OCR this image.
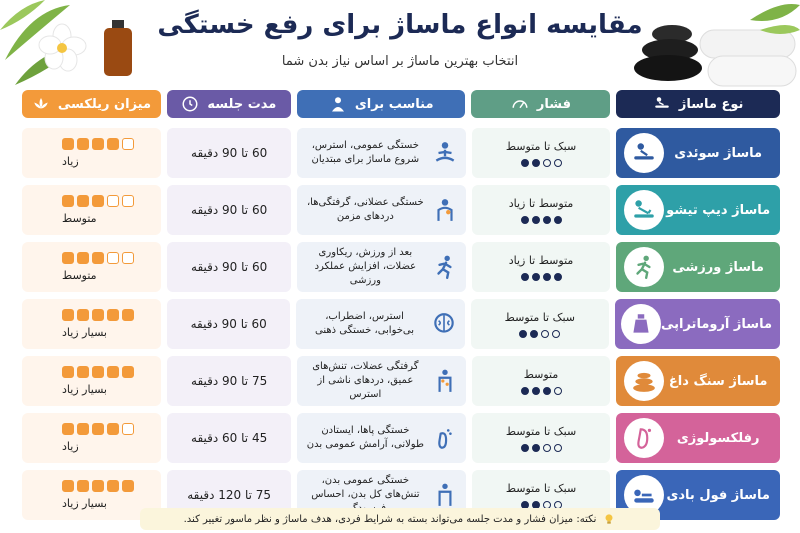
مقایسه انواع ماساژ برای رفع خستگی
انتخاب بهترین ماساژ بر اساس نیاز بدن شما
نوع ماساژ
فشار
مناسب برای
مدت جلسه
میزان ریلکسی
ماساژ سوئدی
سبک تا متوسط
خستگی عمومی، استرس، شروع ماساژ برای مبتدیان
60 تا 90 دقیقه
زیاد
ماساژ دیپ تیشو
متوسط تا زیاد
خستگی عضلانی، گرفتگی‌ها، دردهای مزمن
60 تا 90 دقیقه
متوسط
ماساژ ورزشی
متوسط تا زیاد
بعد از ورزش، ریکاوری عضلات، افزایش عملکرد ورزشی
60 تا 90 دقیقه
متوسط
ماساژ آروماتراپی
سبک تا متوسط
استرس، اضطراب، بی‌خوابی، خستگی ذهنی
60 تا 90 دقیقه
بسیار زیاد
ماساژ سنگ داغ
متوسط
گرفتگی عضلات، تنش‌های عمیق، دردهای ناشی از استرس
75 تا 90 دقیقه
بسیار زیاد
رفلکسولوژی
سبک تا متوسط
خستگی پاها، ایستادن طولانی، آرامش عمومی بدن
45 تا 60 دقیقه
زیاد
ماساژ فول بادی
سبک تا متوسط
خستگی عمومی بدن، تنش‌های کل بدن، احساس
75 تا 120 دقیقه
بسیار زیاد
نکته: میزان فشار و مدت جلسه می‌تواند بسته به شرایط فردی، هدف ماساژ و نظر ماسور تغییر کند.
